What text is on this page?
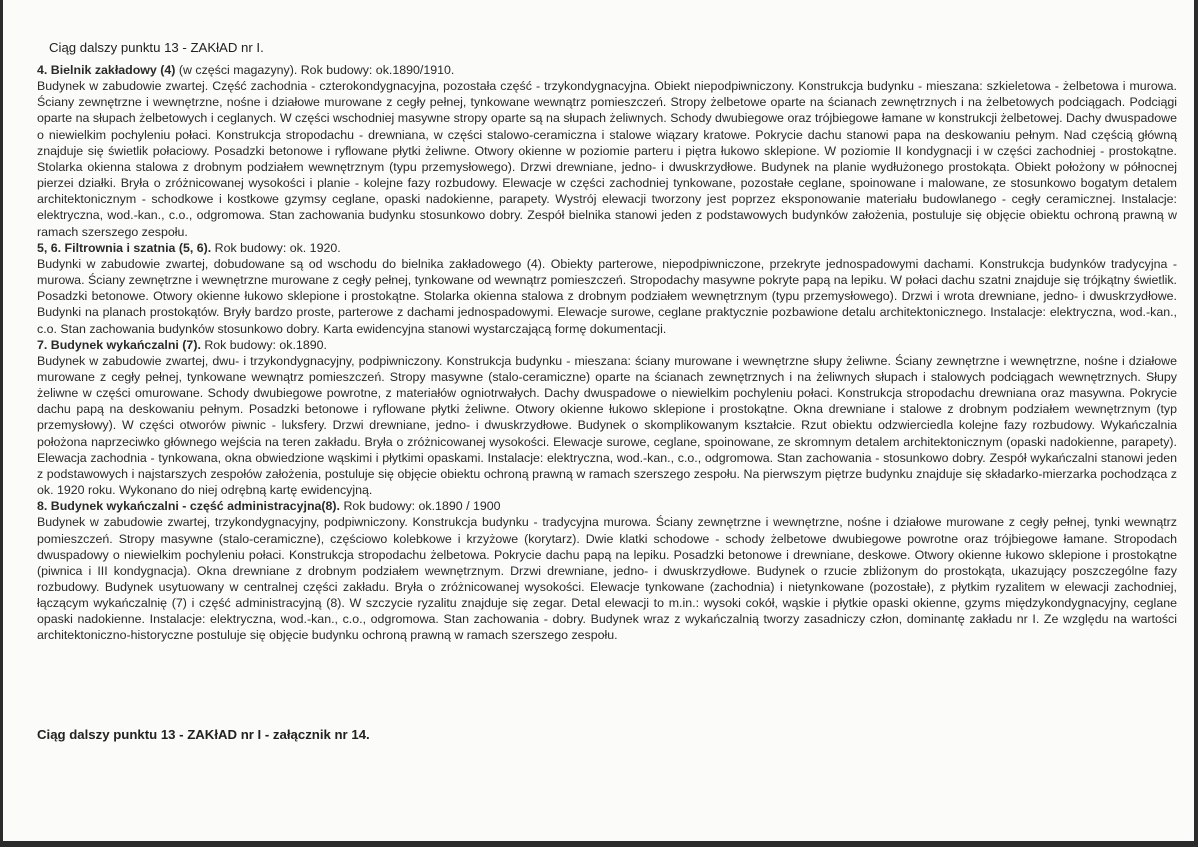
Ciąg dalszy punktu 13 - ZAKłAD nr I.

4. Bielnik zakładowy (4) (w części magazyny). Rok budowy: ok.1890/1910.

Budynek w zabudowie zwartej. Część zachodnia - czterokondygnacyjna, pozostała część - trzykondygnacyjna. Obiekt niepodpiwniczony. Konstrukcja budynku - mieszana: szkieletowa - żelbetowa i murowa. Ściany zewnętrzne i wewnętrzne, nośne i działowe murowane z cegły pełnej, tynkowane wewnątrz pomieszczeń. Stropy żelbetowe oparte na ścianach zewnętrznych i na żelbetowych podciągach. Podciągi oparte na słupach żelbetowych i ceglanych. W części wschodniej masywne stropy oparte są na słupach żeliwnych. Schody dwubiegowe oraz trójbiegowe łamane w konstrukcji żelbetowej. Dachy dwuspadowe o niewielkim pochyleniu połaci. Konstrukcja stropodachu - drewniana, w części stalowo-ceramiczna i stalowe wiązary kratowe. Pokrycie dachu stanowi papa na deskowaniu pełnym. Nad częścią główną znajduje się świetlik połaciowy. Posadzki betonowe i ryflowane płytki żeliwne. Otwory okienne w poziomie parteru i piętra łukowo sklepione. W poziomie II kondygnacji i w części zachodniej - prostokątne. Stolarka okienna stalowa z drobnym podziałem wewnętrznym (typu przemysłowego). Drzwi drewniane, jedno- i dwuskrzydłowe. Budynek na planie wydłużonego prostokąta. Obiekt położony w północnej pierzei działki. Bryła o zróżnicowanej wysokości i planie - kolejne fazy rozbudowy. Elewacje w części zachodniej tynkowane, pozostałe ceglane, spoinowane i malowane, ze stosunkowo bogatym detalem architektonicznym - schodkowe i kostkowe gzymsy ceglane, opaski nadokienne, parapety. Wystrój elewacji tworzony jest poprzez eksponowanie materiału budowlanego - cegły ceramicznej. Instalacje: elektryczna, wod.-kan., c.o., odgromowa. Stan zachowania budynku stosunkowo dobry. Zespół bielnika stanowi jeden z podstawowych budynków założenia, postuluje się objęcie obiektu ochroną prawną w ramach szerszego zespołu.

5, 6. Filtrownia i szatnia (5, 6). Rok budowy: ok. 1920.

Budynki w zabudowie zwartej, dobudowane są od wschodu do bielnika zakładowego (4). Obiekty parterowe, niepodpiwniczone, przekryte jednospadowymi dachami. Konstrukcja budynków tradycyjna - murowa. Ściany zewnętrzne i wewnętrzne murowane z cegły pełnej, tynkowane od wewnątrz pomieszczeń. Stropodachy masywne pokryte papą na lepiku. W połaci dachu szatni znajduje się trójkątny świetlik. Posadzki betonowe. Otwory okienne łukowo sklepione i prostokątne. Stolarka okienna stalowa z drobnym podziałem wewnętrznym (typu przemysłowego). Drzwi i wrota drewniane, jedno- i dwuskrzydłowe. Budynki na planach prostokątów. Bryły bardzo proste, parterowe z dachami jednospadowymi. Elewacje surowe, ceglane praktycznie pozbawione detalu architektonicznego. Instalacje: elektryczna, wod.-kan., c.o. Stan zachowania budynków stosunkowo dobry. Karta ewidencyjna stanowi wystarczającą formę dokumentacji.

7. Budynek wykańczalni (7). Rok budowy: ok.1890.

Budynek w zabudowie zwartej, dwu- i trzykondygnacyjny, podpiwniczony. Konstrukcja budynku - mieszana: ściany murowane i wewnętrzne słupy żeliwne. Ściany zewnętrzne i wewnętrzne, nośne i działowe murowane z cegły pełnej, tynkowane wewnątrz pomieszczeń. Stropy masywne (stalo-ceramiczne) oparte na ścianach zewnętrznych i na żeliwnych słupach i stalowych podciągach wewnętrznych. Słupy żeliwne w części omurowane. Schody dwubiegowe powrotne, z materiałów ogniotrwałych. Dachy dwuspadowe o niewielkim pochyleniu połaci. Konstrukcja stropodachu drewniana oraz masywna. Pokrycie dachu papą na deskowaniu pełnym. Posadzki betonowe i ryflowane płytki żeliwne. Otwory okienne łukowo sklepione i prostokątne. Okna drewniane i stalowe z drobnym podziałem wewnętrznym (typ przemysłowy). W części otworów piwnic - luksfery. Drzwi drewniane, jedno- i dwuskrzydłowe. Budynek o skomplikowanym kształcie. Rzut obiektu odzwierciedla kolejne fazy rozbudowy. Wykańczalnia położona naprzeciwko głównego wejścia na teren zakładu. Bryła o zróżnicowanej wysokości. Elewacje surowe, ceglane, spoinowane, ze skromnym detalem architektonicznym (opaski nadokienne, parapety). Elewacja zachodnia - tynkowana, okna obwiedzione wąskimi i płytkimi opaskami. Instalacje: elektryczna, wod.-kan., c.o., odgromowa. Stan zachowania - stosunkowo dobry. Zespół wykańczalni stanowi jeden z podstawowych i najstarszych zespołów założenia, postuluje się objęcie obiektu ochroną prawną w ramach szerszego zespołu. Na pierwszym piętrze budynku znajduje się składarko-mierzarka pochodząca z ok. 1920 roku. Wykonano do niej odrębną kartę ewidencyjną.

8. Budynek wykańczalni - część administracyjna(8). Rok budowy: ok.1890 / 1900

Budynek w zabudowie zwartej, trzykondygnacyjny, podpiwniczony. Konstrukcja budynku - tradycyjna murowa. Ściany zewnętrzne i wewnętrzne, nośne i działowe murowane z cegły pełnej, tynki wewnątrz pomieszczeń. Stropy masywne (stalo-ceramiczne), częściowo kolebkowe i krzyżowe (korytarz). Dwie klatki schodowe - schody żelbetowe dwubiegowe powrotne oraz trójbiegowe łamane. Stropodach dwuspadowy o niewielkim pochyleniu połaci. Konstrukcja stropodachu żelbetowa. Pokrycie dachu papą na lepiku. Posadzki betonowe i drewniane, deskowe. Otwory okienne łukowo sklepione i prostokątne (piwnica i III kondygnacja). Okna drewniane z drobnym podziałem wewnętrznym. Drzwi drewniane, jedno- i dwuskrzydłowe. Budynek o rzucie zbliżonym do prostokąta, ukazujący poszczególne fazy rozbudowy. Budynek usytuowany w centralnej części zakładu. Bryła o zróżnicowanej wysokości. Elewacje tynkowane (zachodnia) i nietynkowane (pozostałe), z płytkim ryzalitem w elewacji zachodniej, łączącym wykańczalnię (7) i część administracyjną (8). W szczycie ryzalitu znajduje się zegar. Detal elewacji to m.in.: wysoki cokół, wąskie i płytkie opaski okienne, gzyms międzykondygnacyjny, ceglane opaski nadokienne. Instalacje: elektryczna, wod.-kan., c.o., odgromowa. Stan zachowania - dobry. Budynek wraz z wykańczalnią tworzy zasadniczy człon, dominantę zakładu nr I. Ze względu na wartości architektoniczno-historyczne postuluje się objęcie budynku ochroną prawną w ramach szerszego zespołu.

Ciąg dalszy punktu 13 - ZAKłAD nr I - załącznik nr 14.
